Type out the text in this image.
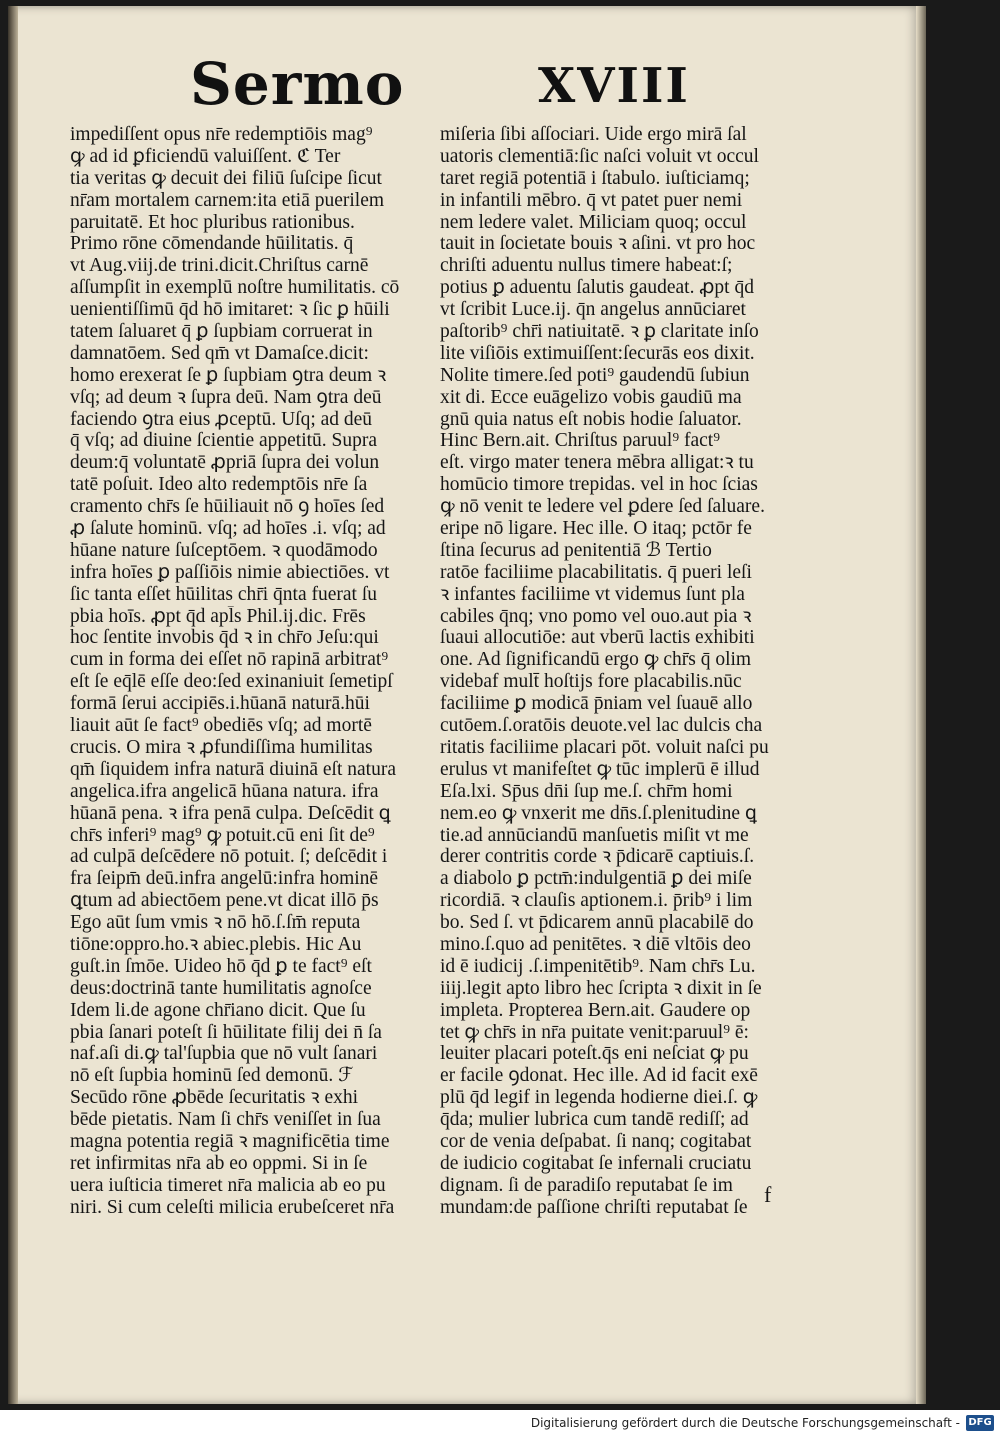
Sermo	XVIII
impediſſent opus nr̄e redemptiōis mag⁹
ꝙ ad id ꝑficiendū valuiſſent. ℭ Ter
tia veritas ꝙ decuit dei filiū ſuſcipe ſicut
nr̄am mortalem carnem:ita etiā puerilem
paruitatē. Et hoc pluribus rationibus.
Primo rōne cōmendande hūilitatis. q̄
vt Aug.viij.de trini.dicit.Chriſtus carnē
aſſumpſit in exemplū noſtre humilitatis. cō
uenientiſſimū q̄d hō imitaret: ꝛ ſic ꝑ hūili
tatem ſaluaret q̄ ꝑ ſupbiam corruerat in
damnatōem. Sed qm̄ vt Damaſce.dicit:
homo erexerat ſe ꝑ ſupbiam ꝯtra deum ꝛ
vſq; ad deum ꝛ ſupra deū. Nam ꝯtra deū
faciendo ꝯtra eius ꝓceptū. Uſq; ad deū
q̄ vſq; ad diuine ſcientie appetitū. Supra
deum:q̄ voluntatē ꝓpriā ſupra dei volun
tatē poſuit. Ideo alto redemptōis nr̄e ſa
cramento chr̄s ſe hūiliauit nō ꝯ hoīes ſed
ꝓ ſalute hominū. vſq; ad hoīes .i. vſq; ad
hūane nature ſuſceptōem. ꝛ quodāmodo
infra hoīes ꝑ paſſiōis nimie abiectiōes. vt
ſic tanta eſſet hūilitas chr̄i q̄nta fuerat ſu
pbia hoīs. ꝓpt q̄d apl̄s Phil.ij.dic. Frēs
hoc ſentite invobis q̄d ꝛ in chr̄o Jeſu:qui
cum in forma dei eſſet nō rapinā arbitrat⁹
eſt ſe eq̄lē eſſe deo:ſed exinaniuit ſemetipſ
formā ſerui accipiēs.i.hūanā naturā.hūi
liauit aūt ſe fact⁹ obediēs vſq; ad mortē
crucis. O mira ꝛ ꝓfundiſſima humilitas
qm̄ ſiquidem infra naturā diuinā eſt natura
angelica.ifra angelicā hūana natura. ifra
hūanā pena. ꝛ ifra penā culpa. Deſcēdit ꝗ
chr̄s inferi⁹ mag⁹ ꝙ potuit.cū eni ſit de⁹
ad culpā deſcēdere nō potuit. ſ; deſcēdit i
fra ſeipm̄ deū.infra angelū:infra hominē
ꝗtum ad abiectōem pene.vt dicat illō p̄s
Ego aūt ſum vmis ꝛ nō hō.ſ.ſm̄ reputa
tiōne:oppro.ho.ꝛ abiec.plebis. Hic Au
guſt.in ſmōe. Uideo hō q̄d ꝑ te fact⁹ eſt
deus:doctrinā tante humilitatis agnoſce
Idem li.de agone chr̄iano dicit. Que ſu
pbia ſanari poteſt ſi hūilitate filij dei n̄ ſa
naf.aſi di.ꝙ tal'ſupbia que nō vult ſanari
nō eſt ſupbia hominū ſed demonū. ℱ
Secūdo rōne ꝓbēde ſecuritatis ꝛ exhi
bēde pietatis. Nam ſi chr̄s veniſſet in ſua
magna potentia regiā ꝛ magnificētia time
ret infirmitas nr̄a ab eo oppmi. Si in ſe
uera iuſticia timeret nr̄a malicia ab eo pu
niri. Si cum celeſti milicia erubeſceret nr̄a
miſeria ſibi aſſociari. Uide ergo mirā ſal
uatoris clementiā:ſic naſci voluit vt occul
taret regiā potentiā i ſtabulo. iuſticiamq;
in infantili mēbro. q̄ vt patet puer nemi
nem ledere valet. Miliciam quoq; occul
tauit in ſocietate bouis ꝛ aſini. vt pro hoc
chriſti aduentu nullus timere habeat:ſ;
potius ꝑ aduentu ſalutis gaudeat. ꝓpt q̄d
vt ſcribit Luce.ij. q̄n angelus annūciaret
paſtorib⁹ chr̄i natiuitatē. ꝛ ꝑ claritate inſo
lite viſiōis extimuiſſent:ſecurās eos dixit.
Nolite timere.ſed poti⁹ gaudendū ſubiun
xit di. Ecce euāgelizo vobis gaudiū ma
gnū quia natus eſt nobis hodie ſaluator.
Hinc Bern.ait. Chriſtus paruul⁹ fact⁹
eſt. virgo mater tenera mēbra alligat:ꝛ tu
homūcio timore trepidas. vel in hoc ſcias
ꝙ nō venit te ledere vel ꝑdere ſed ſaluare.
eripe nō ligare. Hec ille. O itaq; pctōr fe
ſtina ſecurus ad penitentiā ℬ Tertio
ratōe faciliime placabilitatis. q̄ pueri leſi
ꝛ infantes faciliime vt videmus ſunt pla
cabiles q̄nq; vno pomo vel ouo.aut pia ꝛ
ſuaui allocutiōe: aut vberū lactis exhibiti
one. Ad ſignificandū ergo ꝙ chr̄s q̄ olim
videbaf mult̄ hoſtijs fore placabilis.nūc
faciliime ꝑ modicā p̄niam vel ſuauē allo
cutōem.ſ.oratōis deuote.vel lac dulcis cha
ritatis faciliime placari pōt. voluit naſci pu
erulus vt manifeſtet ꝙ tūc implerū ē illud
Eſa.lxi. Sp̄us dn̄i ſup me.ſ. chr̄m homi
nem.eo ꝙ vnxerit me dn̄s.ſ.plenitudine ꝗ
tie.ad annūciandū manſuetis miſit vt me
derer contritis corde ꝛ p̄dicarē captiuis.ſ.
a diabolo ꝑ pctm̄:indulgentiā ꝑ dei miſe
ricordiā. ꝛ clauſis aptionem.i. p̄rib⁹ i lim
bo. Sed ſ. vt p̄dicarem annū placabilē do
mino.ſ.quo ad penitētes. ꝛ diē vltōis deo
id ē iudicij .ſ.impenitētib⁹. Nam chr̄s Lu.
iiij.legit apto libro hec ſcripta ꝛ dixit in ſe
impleta. Propterea Bern.ait. Gaudere op
tet ꝙ chr̄s in nr̄a puitate venit:paruul⁹ ē:
leuiter placari poteſt.q̄s eni neſciat ꝙ pu
er facile ꝯdonat. Hec ille. Ad id facit exē
plū q̄d legif in legenda hodierne diei.ſ. ꝙ
q̄da; mulier lubrica cum tandē rediſſ; ad
cor de venia deſpabat. ſi nanq; cogitabat
de iudicio cogitabat ſe infernali cruciatu
dignam. ſi de paradiſo reputabat ſe im
mundam:de paſſione chriſti reputabat ſe
f
Digitalisierung gefördert durch die Deutsche Forschungsgemeinschaft - DFG
